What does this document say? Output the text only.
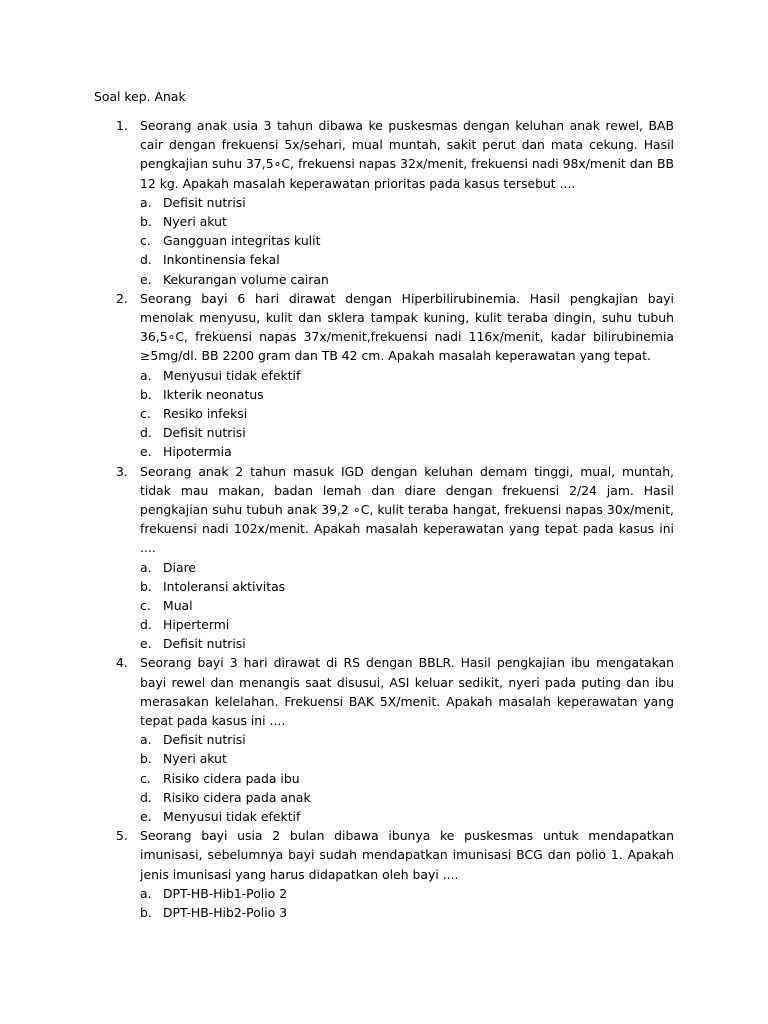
Soal kep. Anak
1. Seorang anak usia 3 tahun dibawa ke puskesmas dengan keluhan anak rewel, BAB cair dengan frekuensi 5x/sehari, mual muntah, sakit perut dan mata cekung. Hasil pengkajian suhu 37,5∘C, frekuensi napas 32x/menit, frekuensi nadi 98x/menit dan BB 12 kg. Apakah masalah keperawatan prioritas pada kasus tersebut ....

a. Defisit nutrisi
b. Nyeri akut
c. Gangguan integritas kulit
d. Inkontinensia fekal
e. Kekurangan volume cairan
2. Seorang bayi 6 hari dirawat dengan Hiperbilirubinemia. Hasil pengkajian bayi menolak menyusu, kulit dan sklera tampak kuning, kulit teraba dingin, suhu tubuh 36,5∘C, frekuensi napas 37x/menit,frekuensi nadi 116x/menit, kadar bilirubinemia ≥5mg/dl. BB 2200 gram dan TB 42 cm. Apakah masalah keperawatan yang tepat.

a. Menyusui tidak efektif
b. Ikterik neonatus
c. Resiko infeksi
d. Defisit nutrisi
e. Hipotermia
3. Seorang anak 2 tahun masuk IGD dengan keluhan demam tinggi, mual, muntah, tidak mau makan, badan lemah dan diare dengan frekuensi 2/24 jam. Hasil pengkajian suhu tubuh anak 39,2 ∘C, kulit teraba hangat, frekuensi napas 30x/menit, frekuensi nadi 102x/menit. Apakah masalah keperawatan yang tepat pada kasus ini ....

a. Diare
b. Intoleransi aktivitas
c. Mual
d. Hipertermi
e. Defisit nutrisi
4. Seorang bayi 3 hari dirawat di RS dengan BBLR. Hasil pengkajian ibu mengatakan bayi rewel dan menangis saat disusui, ASI keluar sedikit, nyeri pada puting dan ibu merasakan kelelahan. Frekuensi BAK 5X/menit. Apakah masalah keperawatan yang tepat pada kasus ini ....

a. Defisit nutrisi
b. Nyeri akut
c. Risiko cidera pada ibu
d. Risiko cidera pada anak
e. Menyusui tidak efektif
5. Seorang bayi usia 2 bulan dibawa ibunya ke puskesmas untuk mendapatkan imunisasi, sebelumnya bayi sudah mendapatkan imunisasi BCG dan polio 1. Apakah jenis imunisasi yang harus didapatkan oleh bayi ....

a. DPT-HB-Hib1-Polio 2
b. DPT-HB-Hib2-Polio 3
